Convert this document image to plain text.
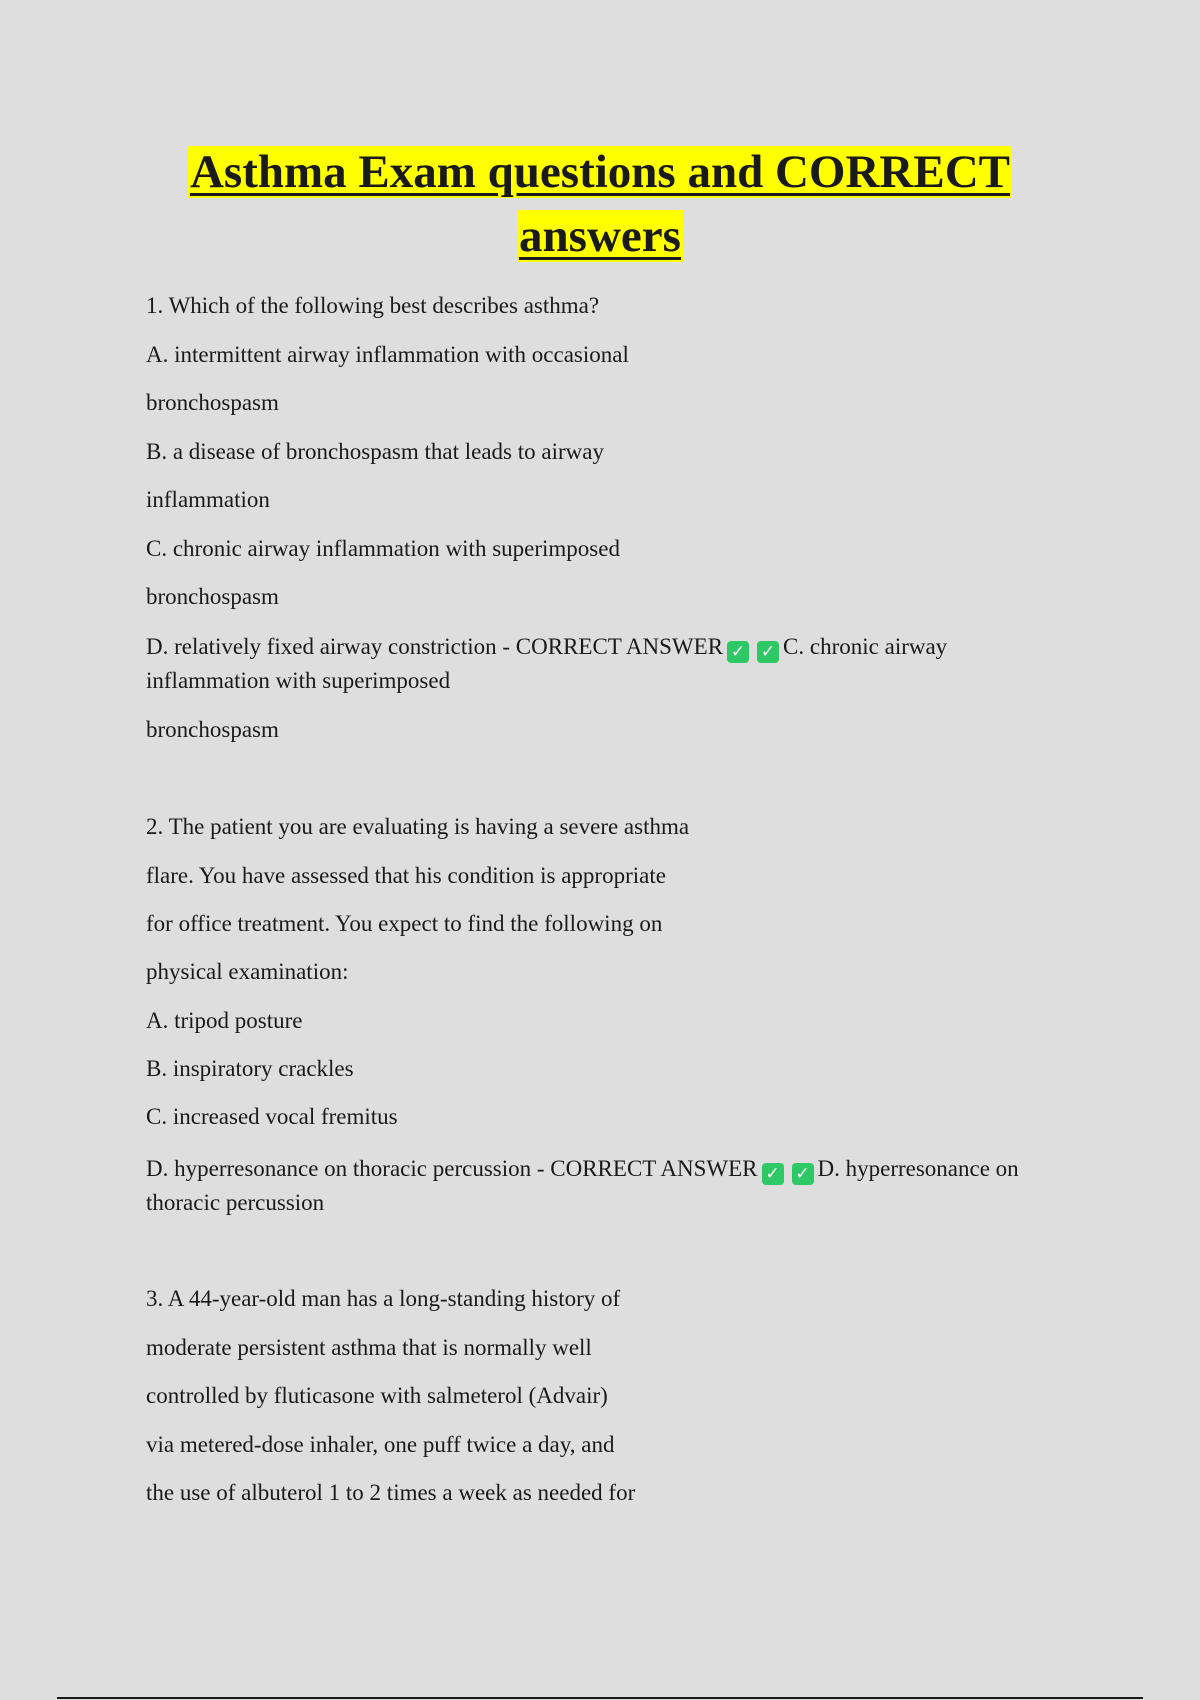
Asthma Exam questions and CORRECT
answers
1. Which of the following best describes asthma?
A. intermittent airway inflammation with occasional
bronchospasm
B. a disease of bronchospasm that leads to airway
inflammation
C. chronic airway inflammation with superimposed
bronchospasm
D. relatively fixed airway constriction - CORRECT ANSWER ✓ ✓ C. chronic airway inflammation with superimposed
bronchospasm
2. The patient you are evaluating is having a severe asthma
flare. You have assessed that his condition is appropriate
for office treatment. You expect to find the following on
physical examination:
A. tripod posture
B. inspiratory crackles
C. increased vocal fremitus
D. hyperresonance on thoracic percussion - CORRECT ANSWER ✓ ✓ D. hyperresonance on thoracic percussion
3. A 44-year-old man has a long-standing history of
moderate persistent asthma that is normally well
controlled by fluticasone with salmeterol (Advair)
via metered-dose inhaler, one puff twice a day, and
the use of albuterol 1 to 2 times a week as needed for
